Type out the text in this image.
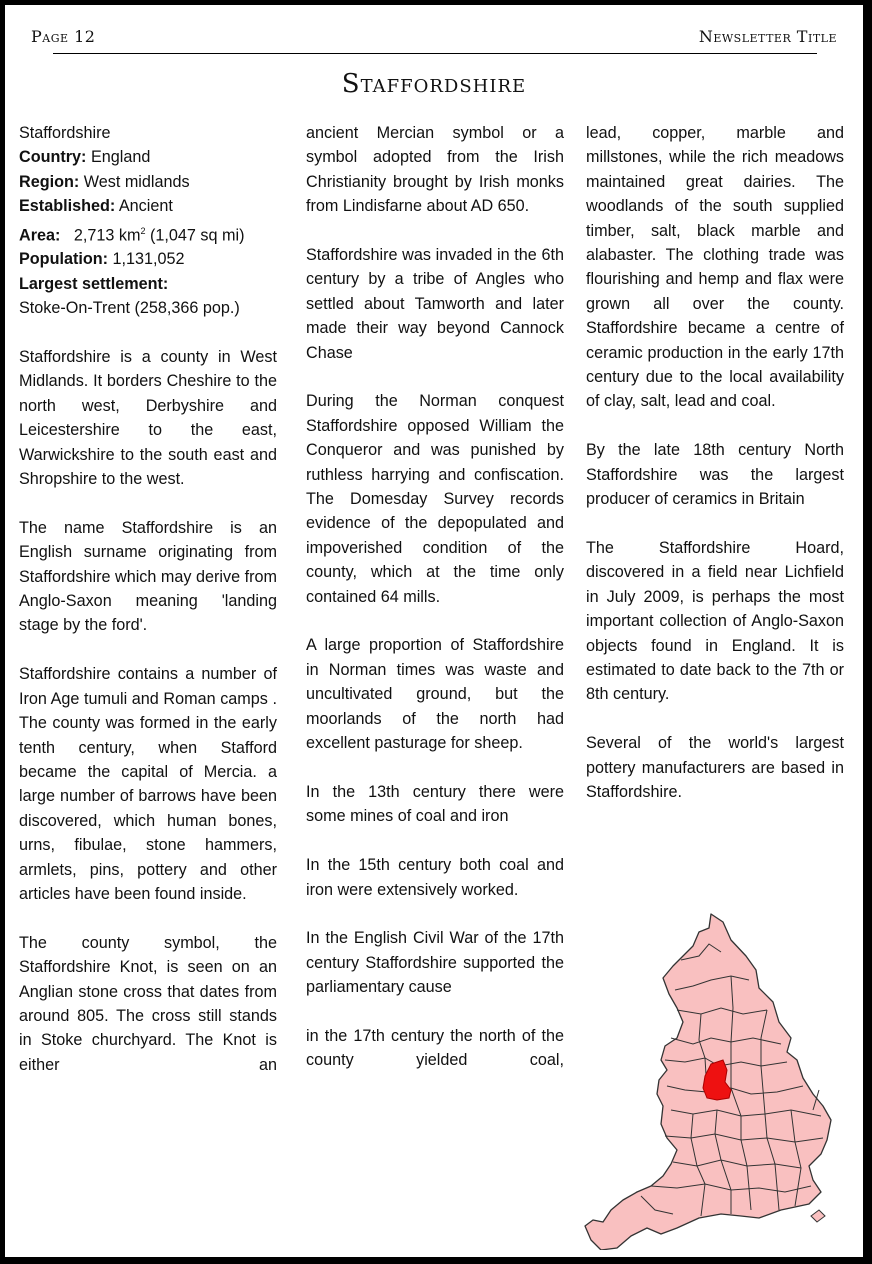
Page 12	Newsletter Title
Staffordshire
Staffordshire
Country: England
Region: West midlands
Established: Ancient
Area: 2,713 $km^2$ (1,047 sq mi)
Population: 1,131,052
Largest settlement:
Stoke-On-Trent (258,366 pop.)

Staffordshire is a county in West Midlands. It borders Cheshire to the north west, Derbyshire and Leicestershire to the east, Warwickshire to the south east and Shropshire to the west.

The name Staffordshire is an English surname originating from Staffordshire which may derive from Anglo-Saxon meaning 'landing stage by the ford'.

Staffordshire contains a number of Iron Age tumuli and Roman camps . The county was formed in the early tenth century, when Stafford became the capital of Mercia. a large number of barrows have been discovered, which human bones, urns, fibulae, stone hammers, armlets, pins, pottery and other articles have been found inside.

The county symbol, the Staffordshire Knot, is seen on an Anglian stone cross that dates from around 805. The cross still stands in Stoke churchyard. The Knot is either an

ancient Mercian symbol or a symbol adopted from the Irish Christianity brought by Irish monks from Lindisfarne about AD 650.

Staffordshire was invaded in the 6th century by a tribe of Angles who settled about Tamworth and later made their way beyond Cannock Chase

During the Norman conquest Staffordshire opposed William the Conqueror and was punished by ruthless harrying and confiscation. The Domesday Survey records evidence of the depopulated and impoverished condition of the county, which at the time only contained 64 mills.

A large proportion of Staffordshire in Norman times was waste and uncultivated ground, but the moorlands of the north had excellent pasturage for sheep.

In the 13th century there were some mines of coal and iron

In the 15th century both coal and iron were extensively worked.

In the English Civil War of the 17th century Staffordshire supported the parliamentary cause

in the 17th century the north of the county yielded coal,

lead, copper, marble and millstones, while the rich meadows maintained great dairies. The woodlands of the south supplied timber, salt, black marble and alabaster. The clothing trade was flourishing and hemp and flax were grown all over the county. Staffordshire became a centre of ceramic production in the early 17th century due to the local availability of clay, salt, lead and coal.

By the late 18th century North Staffordshire was the largest producer of ceramics in Britain

The Staffordshire Hoard, discovered in a field near Lichfield in July 2009, is perhaps the most important collection of Anglo-Saxon objects found in England. It is estimated to date back to the 7th or 8th century.

Several of the world's largest pottery manufacturers are based in Staffordshire.
